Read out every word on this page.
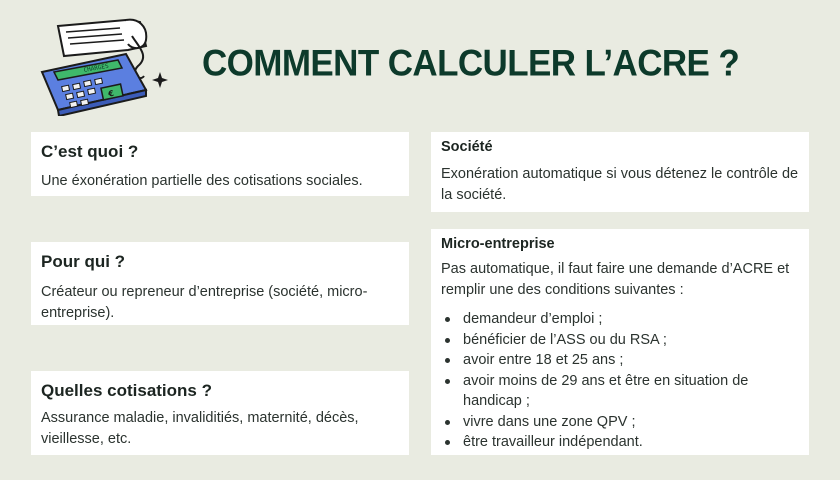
CHARGES
€
COMMENT CALCULER L’ACRE ?
C’est quoi ?
Une éxonération partielle des cotisations sociales.
Pour qui ?
Créateur ou repreneur d’entreprise (société, micro-entreprise).
Quelles cotisations ?
Assurance maladie, invaliditiés, maternité, décès, vieillesse, etc.
Société
Exonération automatique si vous détenez le contrôle de la société.
Micro-entreprise
Pas automatique, il faut faire une demande d’ACRE et remplir une des conditions suivantes :
demandeur d’emploi ;
bénéficier de l’ASS ou du RSA ;
avoir entre 18 et 25 ans ;
avoir moins de 29 ans et être en situation de handicap ;
vivre dans une zone QPV ;
être travailleur indépendant.
